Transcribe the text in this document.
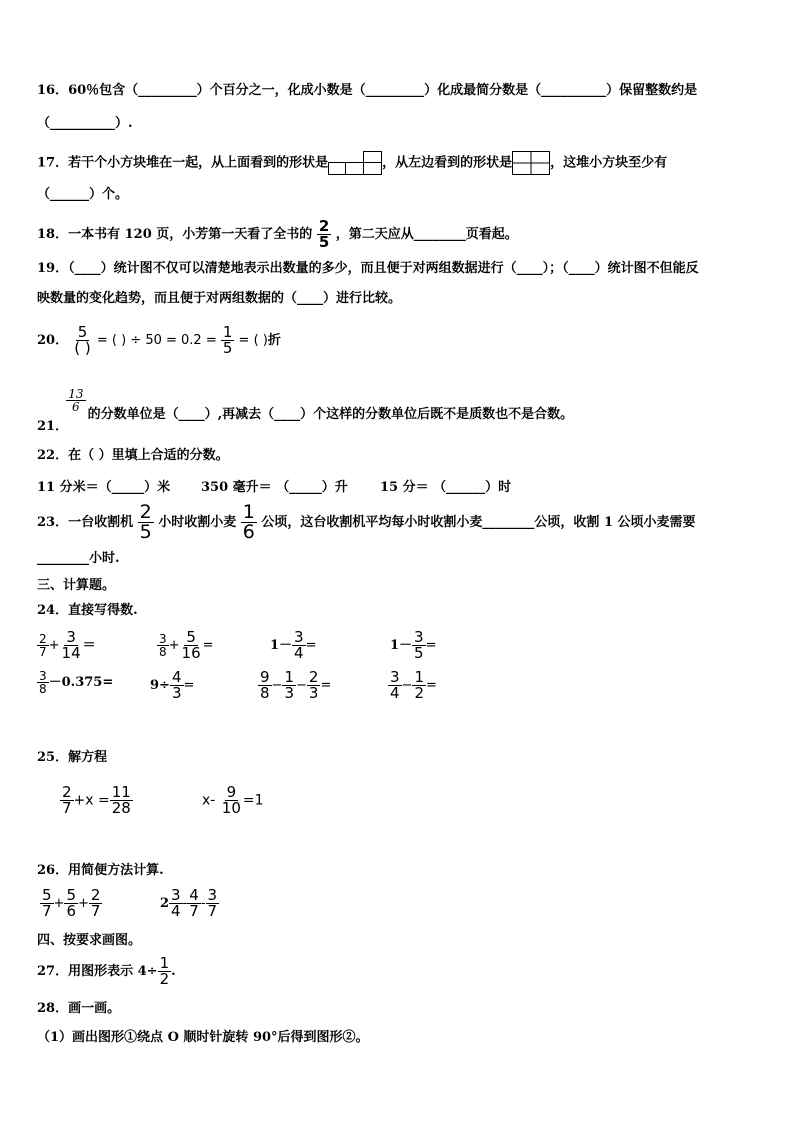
16．60％包含（_________）个百分之一，化成小数是（_________）化成最简分数是（__________）保留整数约是
（__________）.
17．若干个小方块堆在一起，从上面看到的形状是	，从左边看到的形状是	，这堆小方块至少有
（______）个。
18．一本书有 120 页，小芳第一天看了全书的 $\frac{2}{5}$ ，第二天应从________页看起。
19．（____）统计图不仅可以清楚地表示出数量的多少，而且便于对两组数据进行（____）；（____）统计图不但能反
映数量的变化趋势，而且便于对两组数据的（____）进行比较。
20． 5
( ) = ( ) ÷ $50 = 0.2 = \frac{1}{5}$ = ( )折
21．
$\frac{13}{6}$
的分数单位是（____）,再减去（____）个这样的分数单位后既不是质数也不是合数。
22．在（ ）里填上合适的分数。
11 分米＝（_____）米 350 毫升＝ （_____）升 15 分＝ （______）时
23．一台收割机 $\frac{2}{5}$ 小时收割小麦 $\frac{1}{6}$ 公顷，这台收割机平均每小时收割小麦________公顷，收割 1 公顷小麦需要
________小时.
三、计算题。
24．直接写得数.
$\frac{2}{7} + \frac{3}{14}$ ＝	$\frac{3}{8} + \frac{5}{16}$ =	$1- \frac{3}{4}$ =	$1- \frac{3}{5}$ =
$\frac{3}{8} -0.375=$	$9\div \frac{4}{3}$ =	$\frac{9}{8} - \frac{1}{3} - \frac{2}{3}$ =	$\frac{3}{4} - \frac{1}{2}$ =
25．解方程
$\frac{2}{7} +x = \frac{11}{28}$	$x- \frac{9}{10} =1$
26．用简便方法计算.
$\frac{5}{7} + \frac{5}{6} + \frac{2}{7}$	$2 \frac{3}{4} - \frac{4}{7} - \frac{3}{7}$
四、按要求画图。
27．用图形表示 $4\div \frac{1}{2}$ .
28．画一画。
（1）画出图形①绕点 O 顺时针旋转 90°后得到图形②。
